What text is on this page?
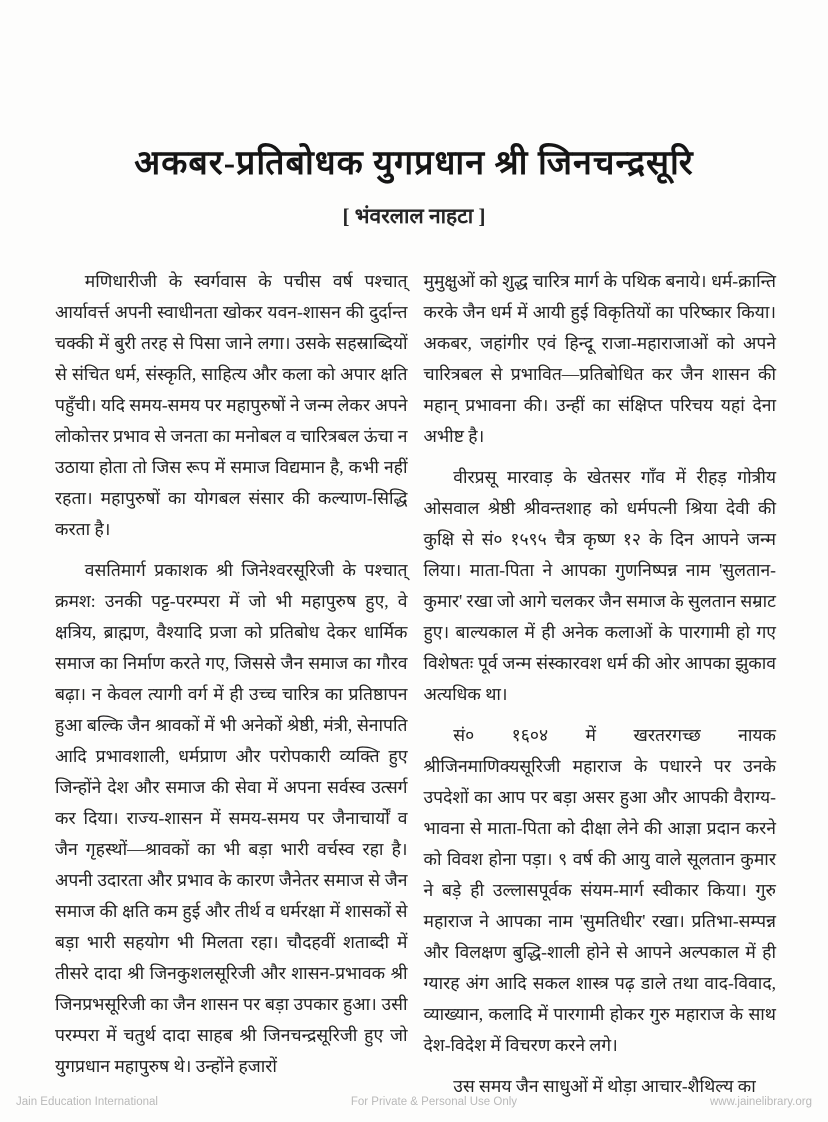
अकबर-प्रतिबोधक युगप्रधान श्री जिनचन्द्रसूरि
[ भंवरलाल नाहटा ]

मणिधारीजी के स्वर्गवास के पचीस वर्ष पश्चात् आर्यावर्त्त अपनी स्वाधीनता खोकर यवन-शासन की दुर्दान्त चक्की में बुरी तरह से पिसा जाने लगा। उसके सहस्राब्दियों से संचित धर्म, संस्कृति, साहित्य और कला को अपार क्षति पहुँची। यदि समय-समय पर महापुरुषों ने जन्म लेकर अपने लोकोत्तर प्रभाव से जनता का मनोबल व चारित्रबल ऊंचा न उठाया होता तो जिस रूप में समाज विद्यमान है, कभी नहीं रहता। महापुरुषों का योगबल संसार की कल्याण-सिद्धि करता है।

वसतिमार्ग प्रकाशक श्री जिनेश्वरसूरिजी के पश्चात् क्रमश: उनकी पट्ट-परम्परा में जो भी महापुरुष हुए, वे क्षत्रिय, ब्राह्मण, वैश्यादि प्रजा को प्रतिबोध देकर धार्मिक समाज का निर्माण करते गए, जिससे जैन समाज का गौरव बढ़ा। न केवल त्यागी वर्ग में ही उच्च चारित्र का प्रतिष्ठापन हुआ बल्कि जैन श्रावकों में भी अनेकों श्रेष्ठी, मंत्री, सेनापति आदि प्रभावशाली, धर्मप्राण और परोपकारी व्यक्ति हुए जिन्होंने देश और समाज की सेवा में अपना सर्वस्व उत्सर्ग कर दिया। राज्य-शासन में समय-समय पर जैनाचार्यों व जैन गृहस्थों—श्रावकों का भी बड़ा भारी वर्चस्व रहा है। अपनी उदारता और प्रभाव के कारण जैनेतर समाज से जैन समाज की क्षति कम हुई और तीर्थ व धर्मरक्षा में शासकों से बड़ा भारी सहयोग भी मिलता रहा। चौदहवीं शताब्दी में तीसरे दादा श्री जिनकुशलसूरिजी और शासन-प्रभावक श्री जिनप्रभसूरिजी का जैन शासन पर बड़ा उपकार हुआ। उसी परम्परा में चतुर्थ दादा साहब श्री जिनचन्द्रसूरिजी हुए जो युगप्रधान महापुरुष थे। उन्होंने हजारों

मुमुक्षुओं को शुद्ध चारित्र मार्ग के पथिक बनाये। धर्म-क्रान्ति करके जैन धर्म में आयी हुई विकृतियों का परिष्कार किया। अकबर, जहांगीर एवं हिन्दू राजा-महाराजाओं को अपने चारित्रबल से प्रभावित—प्रतिबोधित कर जैन शासन की महान् प्रभावना की। उन्हीं का संक्षिप्त परिचय यहां देना अभीष्ट है।

वीरप्रसू मारवाड़ के खेतसर गाँव में रीहड़ गोत्रीय ओसवाल श्रेष्ठी श्रीवन्तशाह को धर्मपत्नी श्रिया देवी की कुक्षि से सं० १५९५ चैत्र कृष्ण १२ के दिन आपने जन्म लिया। माता-पिता ने आपका गुणनिष्पन्न नाम 'सुलतान-कुमार' रखा जो आगे चलकर जैन समाज के सुलतान सम्राट हुए। बाल्यकाल में ही अनेक कलाओं के पारगामी हो गए विशेषतः पूर्व जन्म संस्कारवश धर्म की ओर आपका झुकाव अत्यधिक था।

सं० १६०४ में खरतरगच्छ नायक श्रीजिनमाणिक्यसूरिजी महाराज के पधारने पर उनके उपदेशों का आप पर बड़ा असर हुआ और आपकी वैराग्य-भावना से माता-पिता को दीक्षा लेने की आज्ञा प्रदान करने को विवश होना पड़ा। ९ वर्ष की आयु वाले सूलतान कुमार ने बड़े ही उल्लासपूर्वक संयम-मार्ग स्वीकार किया। गुरु महाराज ने आपका नाम 'सुमतिधीर' रखा। प्रतिभा-सम्पन्न और विलक्षण बुद्धि-शाली होने से आपने अल्पकाल में ही ग्यारह अंग आदि सकल शास्त्र पढ़ डाले तथा वाद-विवाद, व्याख्यान, कलादि में पारगामी होकर गुरु महाराज के साथ देश-विदेश में विचरण करने लगे।

उस समय जैन साधुओं में थोड़ा आचार-शैथिल्य का

Jain Education International	For Private & Personal Use Only	www.jainelibrary.org
